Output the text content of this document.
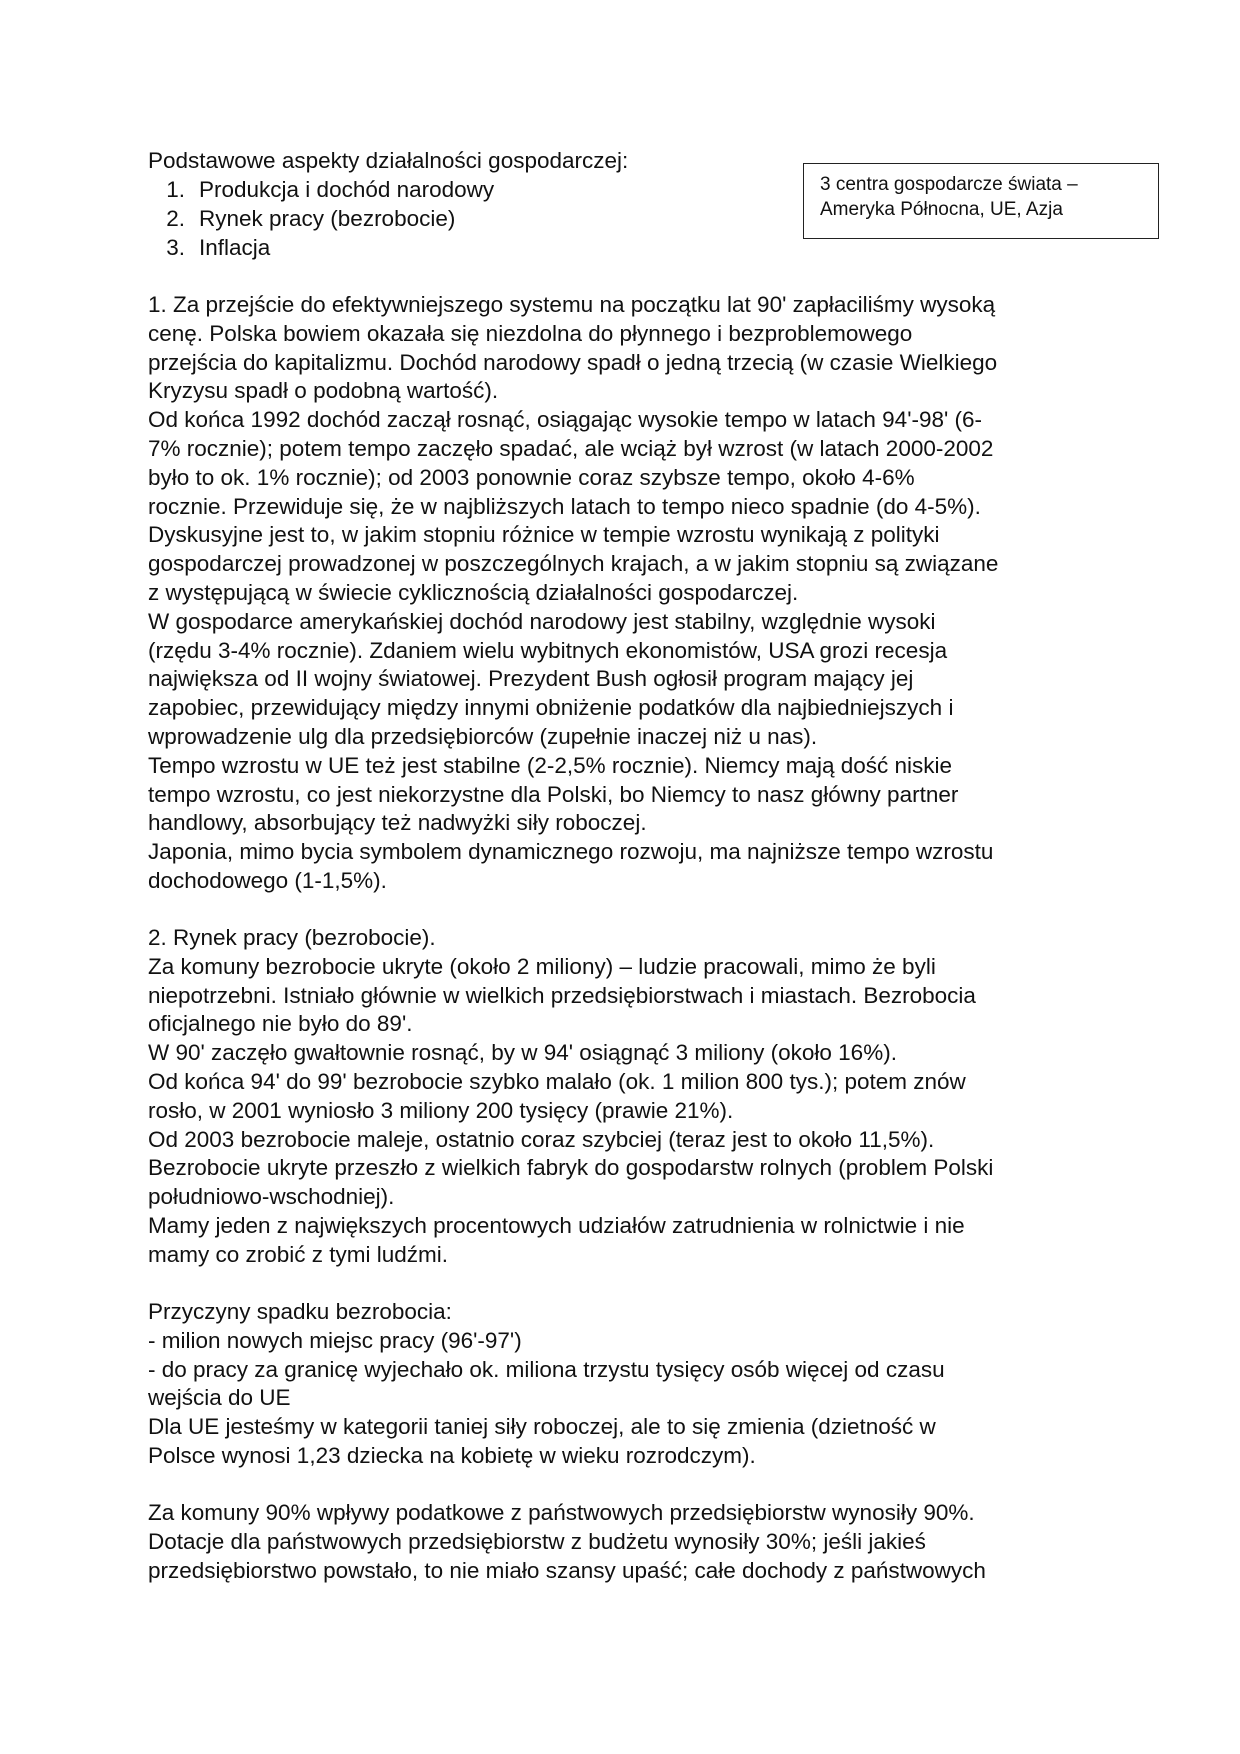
Podstawowe aspekty działalności gospodarczej:
1. Produkcja i dochód narodowy
2. Rynek pracy (bezrobocie)
3. Inflacja
3 centra gospodarcze świata –
Ameryka Północna, UE, Azja
1. Za przejście do efektywniejszego systemu na początku lat 90' zapłaciliśmy wysoką
cenę. Polska bowiem okazała się niezdolna do płynnego i bezproblemowego
przejścia do kapitalizmu. Dochód narodowy spadł o jedną trzecią (w czasie Wielkiego
Kryzysu spadł o podobną wartość).
Od końca 1992 dochód zaczął rosnąć, osiągając wysokie tempo w latach 94'-98' (6-
7% rocznie); potem tempo zaczęło spadać, ale wciąż był wzrost (w latach 2000-2002
było to ok. 1% rocznie); od 2003 ponownie coraz szybsze tempo, około 4-6%
rocznie. Przewiduje się, że w najbliższych latach to tempo nieco spadnie (do 4-5%).
Dyskusyjne jest to, w jakim stopniu różnice w tempie wzrostu wynikają z polityki
gospodarczej prowadzonej w poszczególnych krajach, a w jakim stopniu są związane
z występującą w świecie cyklicznością działalności gospodarczej.
W gospodarce amerykańskiej dochód narodowy jest stabilny, względnie wysoki
(rzędu 3-4% rocznie). Zdaniem wielu wybitnych ekonomistów, USA grozi recesja
największa od II wojny światowej. Prezydent Bush ogłosił program mający jej
zapobiec, przewidujący między innymi obniżenie podatków dla najbiedniejszych i
wprowadzenie ulg dla przedsiębiorców (zupełnie inaczej niż u nas).
Tempo wzrostu w UE też jest stabilne (2-2,5% rocznie). Niemcy mają dość niskie
tempo wzrostu, co jest niekorzystne dla Polski, bo Niemcy to nasz główny partner
handlowy, absorbujący też nadwyżki siły roboczej.
Japonia, mimo bycia symbolem dynamicznego rozwoju, ma najniższe tempo wzrostu
dochodowego (1-1,5%).
2. Rynek pracy (bezrobocie).
Za komuny bezrobocie ukryte (około 2 miliony) – ludzie pracowali, mimo że byli
niepotrzebni. Istniało głównie w wielkich przedsiębiorstwach i miastach. Bezrobocia
oficjalnego nie było do 89'.
W 90' zaczęło gwałtownie rosnąć, by w 94' osiągnąć 3 miliony (około 16%).
Od końca 94' do 99' bezrobocie szybko malało (ok. 1 milion 800 tys.); potem znów
rosło, w 2001 wyniosło 3 miliony 200 tysięcy (prawie 21%).
Od 2003 bezrobocie maleje, ostatnio coraz szybciej (teraz jest to około 11,5%).
Bezrobocie ukryte przeszło z wielkich fabryk do gospodarstw rolnych (problem Polski
południowo-wschodniej).
Mamy jeden z największych procentowych udziałów zatrudnienia w rolnictwie i nie
mamy co zrobić z tymi ludźmi.
Przyczyny spadku bezrobocia:
- milion nowych miejsc pracy (96'-97')
- do pracy za granicę wyjechało ok. miliona trzystu tysięcy osób więcej od czasu
wejścia do UE
Dla UE jesteśmy w kategorii taniej siły roboczej, ale to się zmienia (dzietność w
Polsce wynosi 1,23 dziecka na kobietę w wieku rozrodczym).
Za komuny 90% wpływy podatkowe z państwowych przedsiębiorstw wynosiły 90%.
Dotacje dla państwowych przedsiębiorstw z budżetu wynosiły 30%; jeśli jakieś
przedsiębiorstwo powstało, to nie miało szansy upaść; całe dochody z państwowych
